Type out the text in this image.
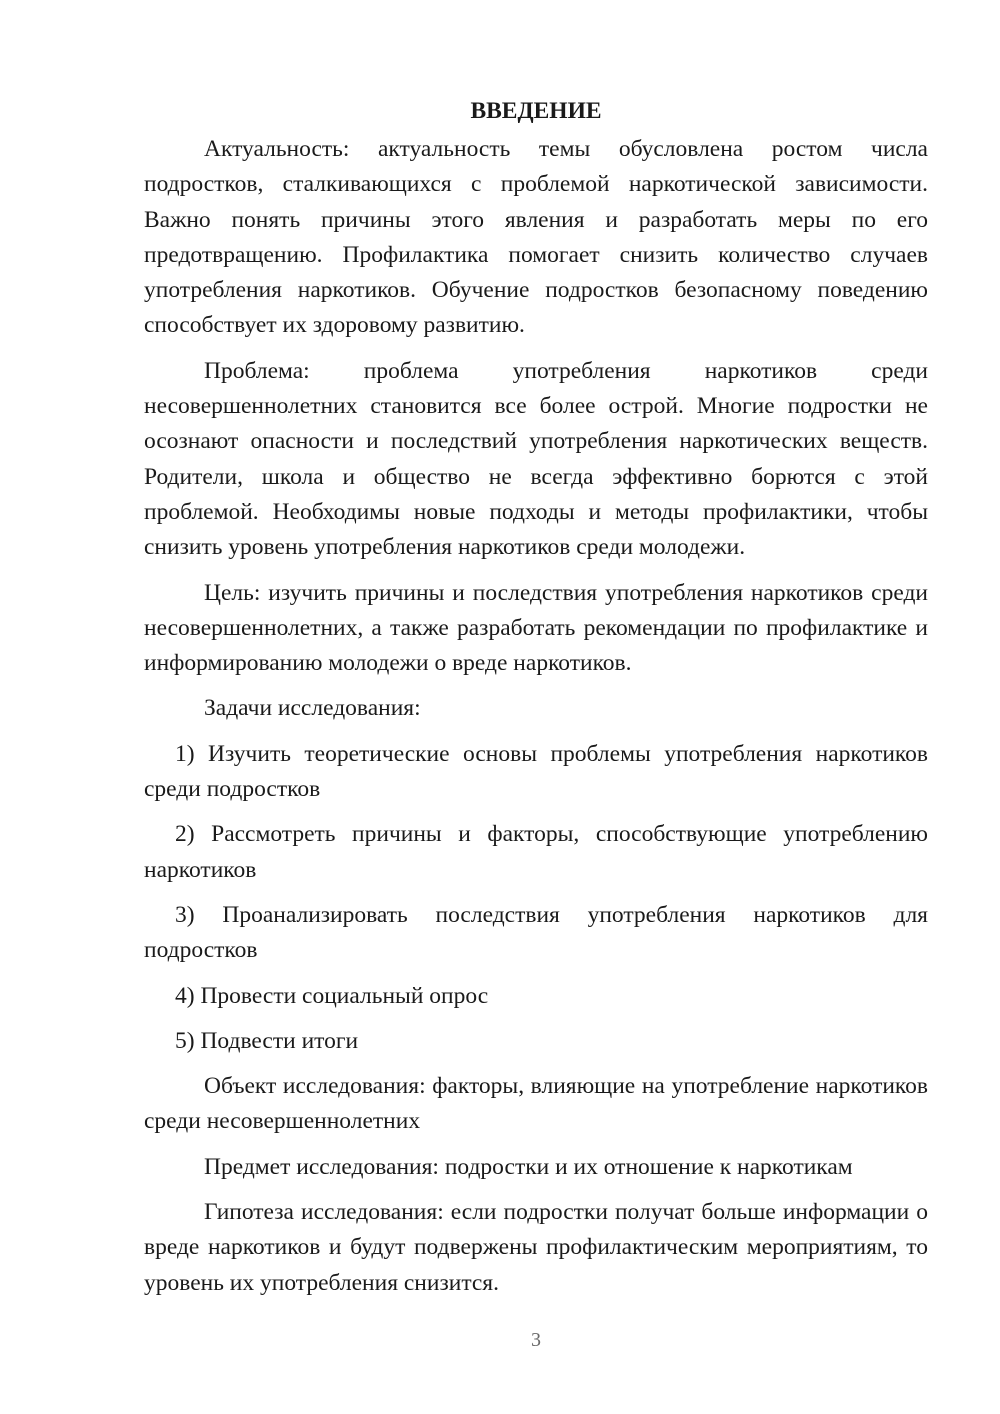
ВВЕДЕНИЕ

Актуальность: актуальность темы обусловлена ростом числа подростков, сталкивающихся с проблемой наркотической зависимости. Важно понять причины этого явления и разработать меры по его предотвращению. Профилактика помогает снизить количество случаев употребления наркотиков. Обучение подростков безопасному поведению способствует их здоровому развитию.

Проблема: проблема употребления наркотиков среди несовершеннолетних становится все более острой. Многие подростки не осознают опасности и последствий употребления наркотических веществ. Родители, школа и общество не всегда эффективно борются с этой проблемой. Необходимы новые подходы и методы профилактики, чтобы снизить уровень употребления наркотиков среди молодежи.

Цель: изучить причины и последствия употребления наркотиков среди несовершеннолетних, а также разработать рекомендации по профилактике и информированию молодежи о вреде наркотиков.

Задачи исследования:

1) Изучить теоретические основы проблемы употребления наркотиков среди подростков

2) Рассмотреть причины и факторы, способствующие употреблению наркотиков

3) Проанализировать последствия употребления наркотиков для подростков

4) Провести социальный опрос

5) Подвести итоги

Объект исследования: факторы, влияющие на употребление наркотиков среди несовершеннолетних

Предмет исследования: подростки и их отношение к наркотикам

Гипотеза исследования: если подростки получат больше информации о вреде наркотиков и будут подвержены профилактическим мероприятиям, то уровень их употребления снизится.

3
